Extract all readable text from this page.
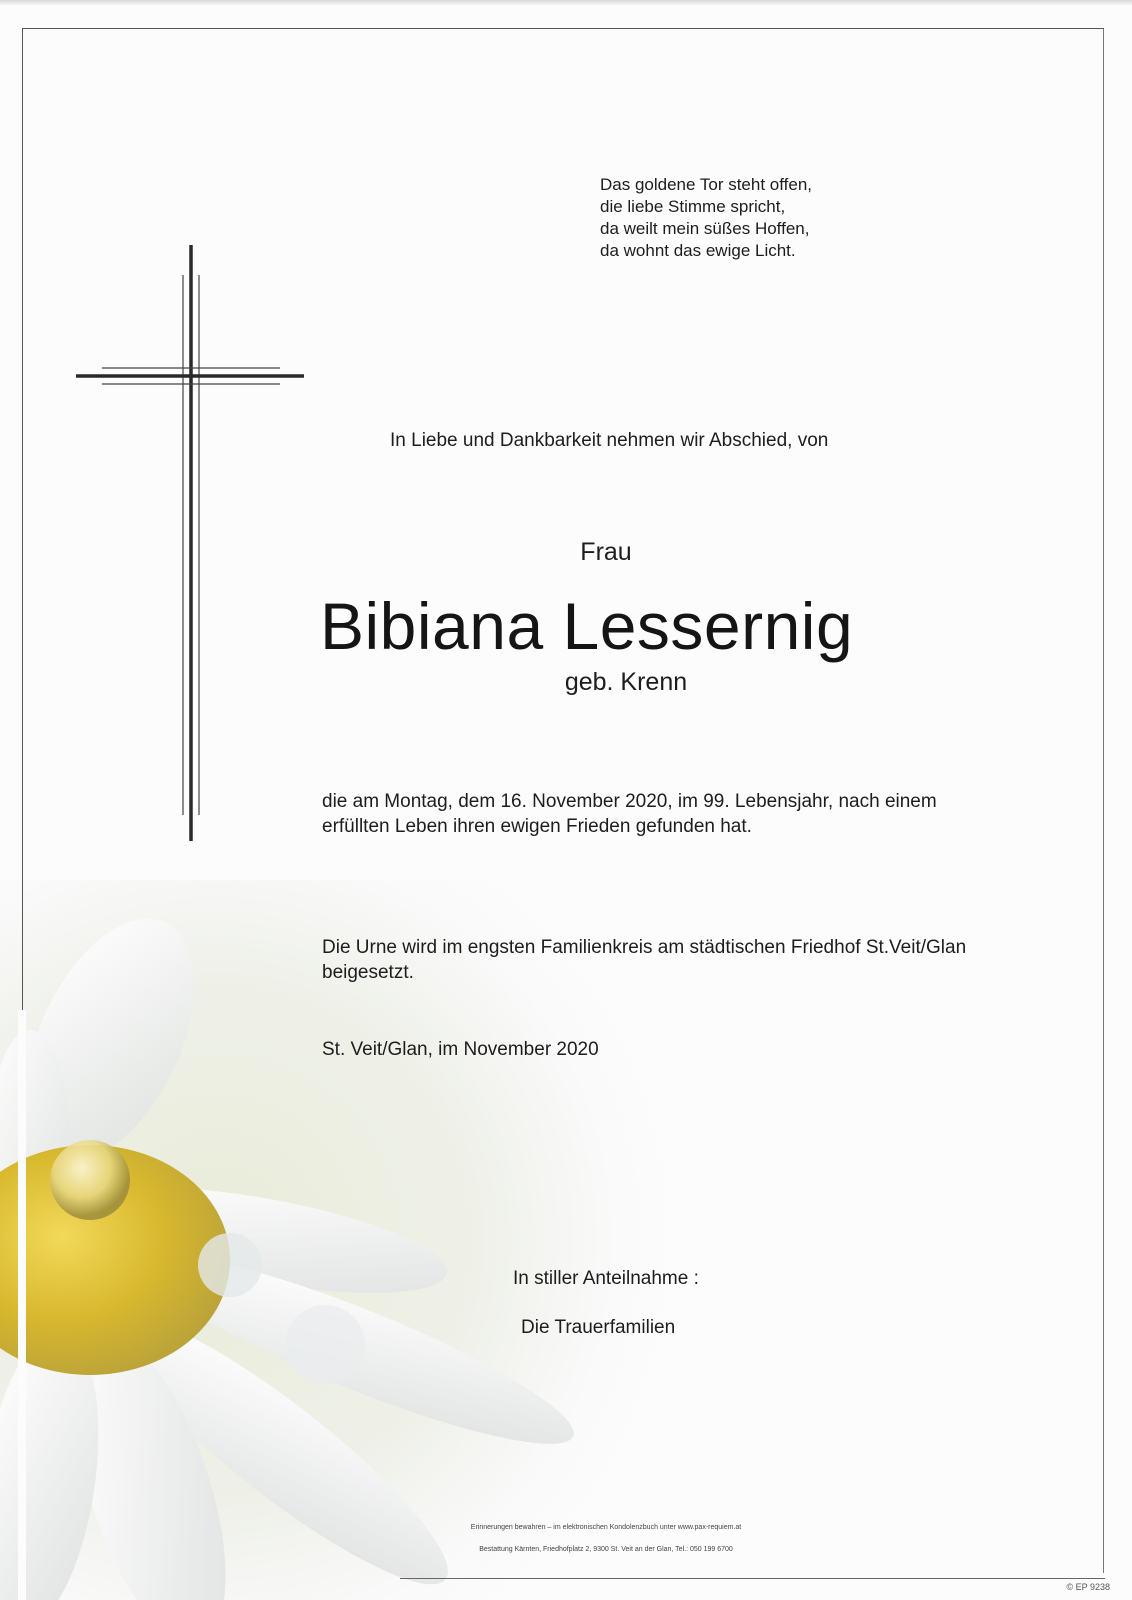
Das goldene Tor steht offen,
die liebe Stimme spricht,
da weilt mein süßes Hoffen,
da wohnt das ewige Licht.
In Liebe und Dankbarkeit nehmen wir Abschied, von
Frau
Bibiana Lessernig
geb. Krenn
die am Montag, dem 16. November 2020, im 99. Lebensjahr, nach einem
erfüllten Leben ihren ewigen Frieden gefunden hat.
Die Urne wird im engsten Familienkreis am städtischen Friedhof St.Veit/Glan
beigesetzt.
St. Veit/Glan, im November 2020
In stiller Anteilnahme :
Die Trauerfamilien
Erinnerungen bewahren – im elektronischen Kondolenzbuch unter www.pax-requiem.at
Bestattung Kärnten, Friedhofplatz 2, 9300 St. Veit an der Glan, Tel.: 050 199 6700
© EP 9238
